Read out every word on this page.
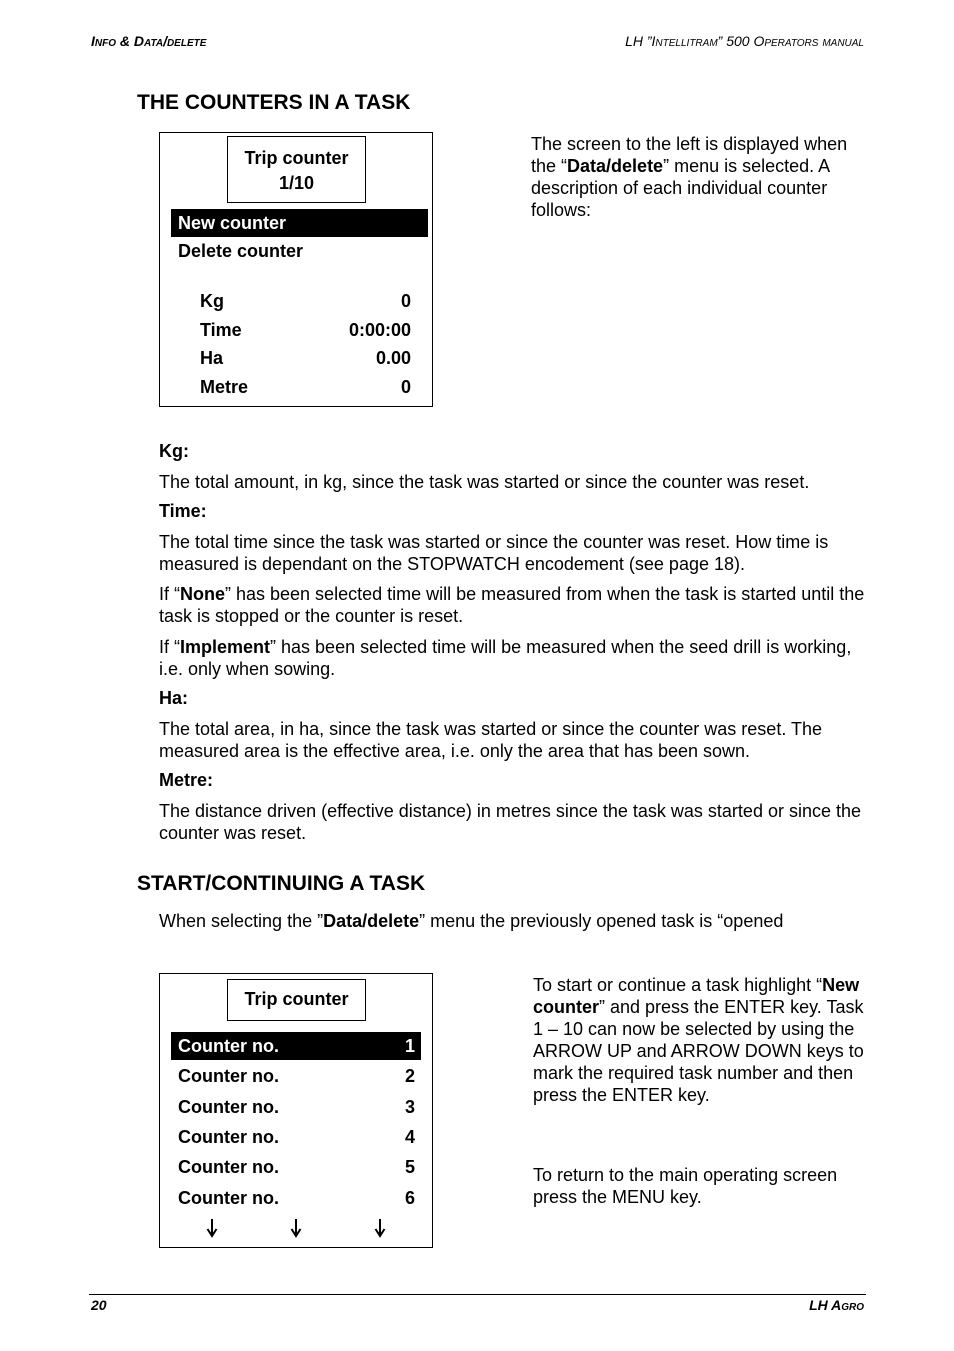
Info & Data/delete	LH ”Intellitram” 500 Operators manual
THE COUNTERS IN A TASK
Trip counter
1/10
New counter
Delete counter
Kg	0
Time	0:00:00
Ha	0.00
Metre	0

The screen to the left is displayed when the “Data/delete” menu is selected. A description of each individual counter follows:

Kg:

The total amount, in kg, since the task was started or since the counter was reset.

Time:

The total time since the task was started or since the counter was reset. How time is measured is dependant on the STOPWATCH encodement (see page 18).

If “None” has been selected time will be measured from when the task is started until the task is stopped or the counter is reset.

If “Implement” has been selected time will be measured when the seed drill is working, i.e. only when sowing.

Ha:

The total area, in ha, since the task was started or since the counter was reset. The measured area is the effective area, i.e. only the area that has been sown.

Metre:

The distance driven (effective distance) in metres since the task was started or since the counter was reset.

START/CONTINUING A TASK

When selecting the ”Data/delete” menu the previously opened task is “opened

Trip counter
Counter no.	1
Counter no.	2
Counter no.	3
Counter no.	4
Counter no.	5
Counter no.	6

To start or continue a task highlight “New counter” and press the ENTER key. Task 1 – 10 can now be selected by using the ARROW UP and ARROW DOWN keys to mark the required task number and then press the ENTER key.

To return to the main operating screen press the MENU key.

20	LH Agro
